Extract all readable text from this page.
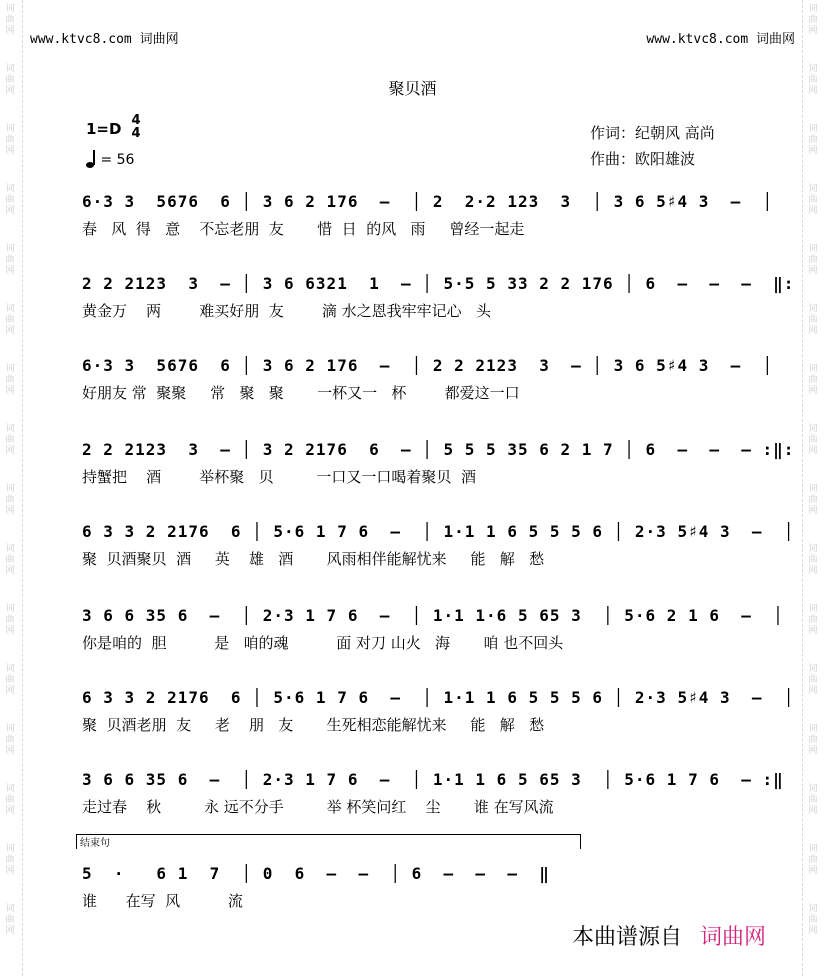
词
曲
网
词
曲
网
词
曲
网
词
曲
网
词
曲
网
词
曲
网
词
曲
网
词
曲
网
词
曲
网
词
曲
网
词
曲
网
词
曲
网
词
曲
网
词
曲
网
词
曲
网
词
曲
网
词
曲
网
词
曲
网
词
曲
网
词
曲
网
词
曲
网
词
曲
网
词
曲
网
词
曲
网
词
曲
网
词
曲
网
词
曲
网
词
曲
网
词
曲
网
词
曲
网
词
曲
网
词
曲
网
www.ktvc8.com 词曲网	www.ktvc8.com 词曲网
聚贝酒
1=D 4
4
= 56
作词：纪朝风 高尚
作曲：欧阳雄波
6·3 3  5676  6 │ 3 6 2 176  –  │ 2  2·2 123  3  │ 3 6 5♯4 3  –  │
春   风  得   意    不忘老朋  友       惜  日  的风   雨     曾经一起走
2 2 2123  3  – │ 3 6 6321  1  – │ 5·5 5 33 2 2 176 │ 6  –  –  –  ‖:
黄金万    两        难买好朋  友        滴 水之恩我牢牢记心   头
6·3 3  5676  6 │ 3 6 2 176  –  │ 2 2 2123  3  – │ 3 6 5♯4 3  –  │
好朋友 常  聚聚     常   聚   聚       一杯又一   杯        都爱这一口
2 2 2123  3  – │ 3 2 2176  6  – │ 5 5 5 35 6 2 1 7 │ 6  –  –  – :‖:
持蟹把    酒        举杯聚   贝         一口又一口喝着聚贝  酒
6 3 3 2 2176  6 │ 5·6 1 7 6  –  │ 1·1 1 6 5 5 5 6 │ 2·3 5♯4 3  –  │
聚  贝酒聚贝  酒     英    雄   酒       风雨相伴能解忧来     能   解   愁
3 6 6 35 6  –  │ 2·3 1 7 6  –  │ 1·1 1·6 5 65 3  │ 5·6 2 1 6  –  │
你是咱的  胆          是   咱的魂          面 对刀 山火   海       咱 也不回头
6 3 3 2 2176  6 │ 5·6 1 7 6  –  │ 1·1 1 6 5 5 5 6 │ 2·3 5♯4 3  –  │
聚  贝酒老朋  友     老    朋   友       生死相恋能解忧来     能   解   愁
3 6 6 35 6  –  │ 2·3 1 7 6  –  │ 1·1 1 6 5 65 3  │ 5·6 1 7 6  – :‖
走过春    秋         永 远不分手         举 杯笑问红    尘       谁 在写风流
结束句
5  ·   6 1  7  │ 0  6  –  –  │ 6  –  –  –  ‖
谁      在写  风          流
本曲谱源自 词曲网
